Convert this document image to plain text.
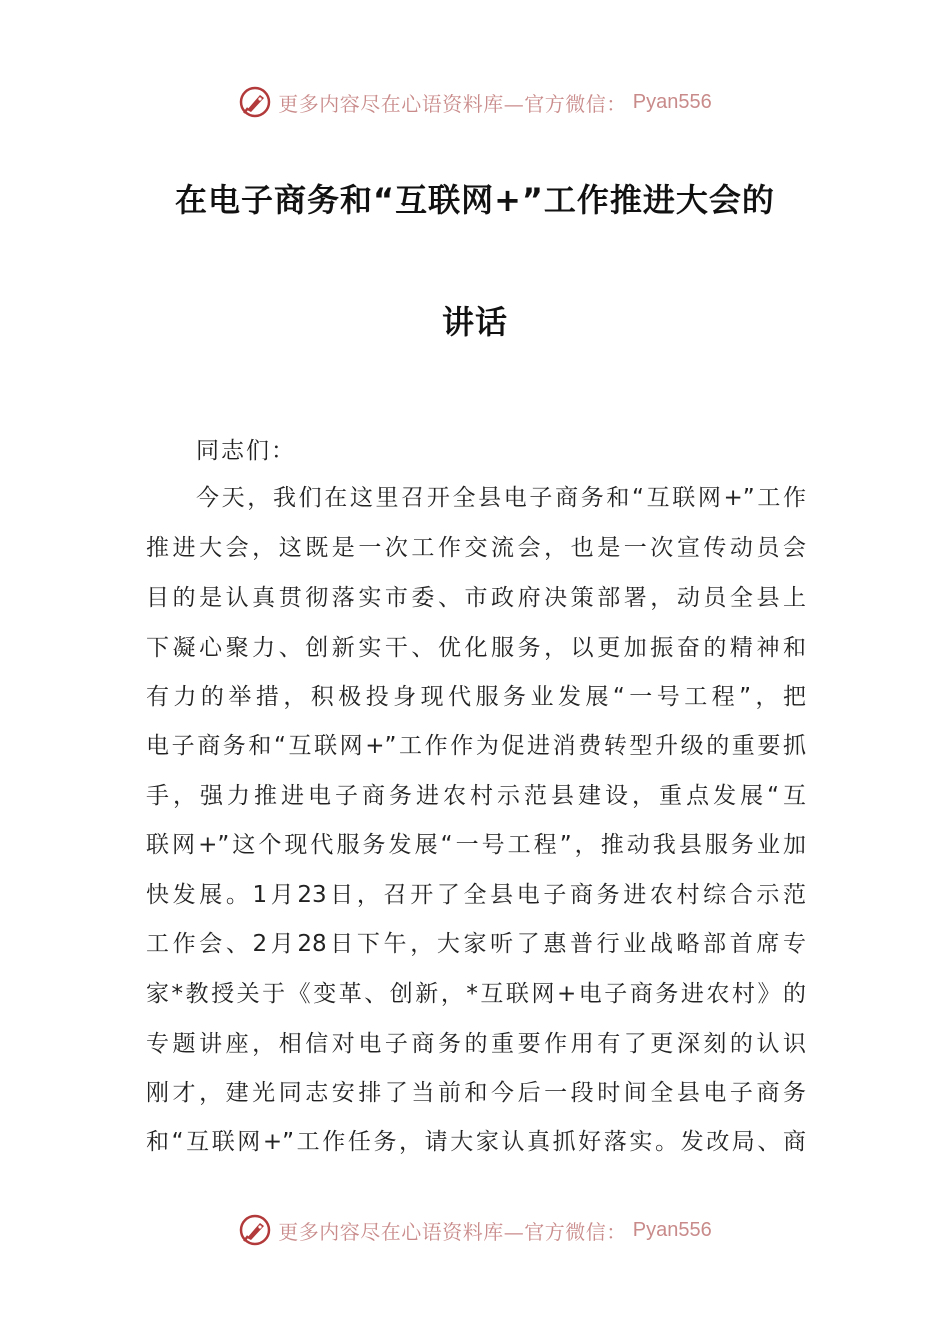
更多内容尽在心语资料库—官方微信： Pyan556
在电子商务和“互联网+”工作推进大会的
讲话
同志们：
今天，我们在这里召开全县电子商务和“互联网+”工作
推进大会，这既是一次工作交流会，也是一次宣传动员会
目的是认真贯彻落实市委、市政府决策部署，动员全县上
下凝心聚力、创新实干、优化服务，以更加振奋的精神和
有力的举措，积极投身现代服务业发展“一号工程”，把
电子商务和“互联网+”工作作为促进消费转型升级的重要抓
手，强力推进电子商务进农村示范县建设，重点发展“互
联网+”这个现代服务发展“一号工程”，推动我县服务业加
快发展。1月23日，召开了全县电子商务进农村综合示范
工作会、2月28日下午，大家听了惠普行业战略部首席专
家*教授关于《变革、创新，*互联网+电子商务进农村》的
专题讲座，相信对电子商务的重要作用有了更深刻的认识
刚才，建光同志安排了当前和今后一段时间全县电子商务
和“互联网+”工作任务，请大家认真抓好落实。发改局、商
更多内容尽在心语资料库—官方微信： Pyan556
